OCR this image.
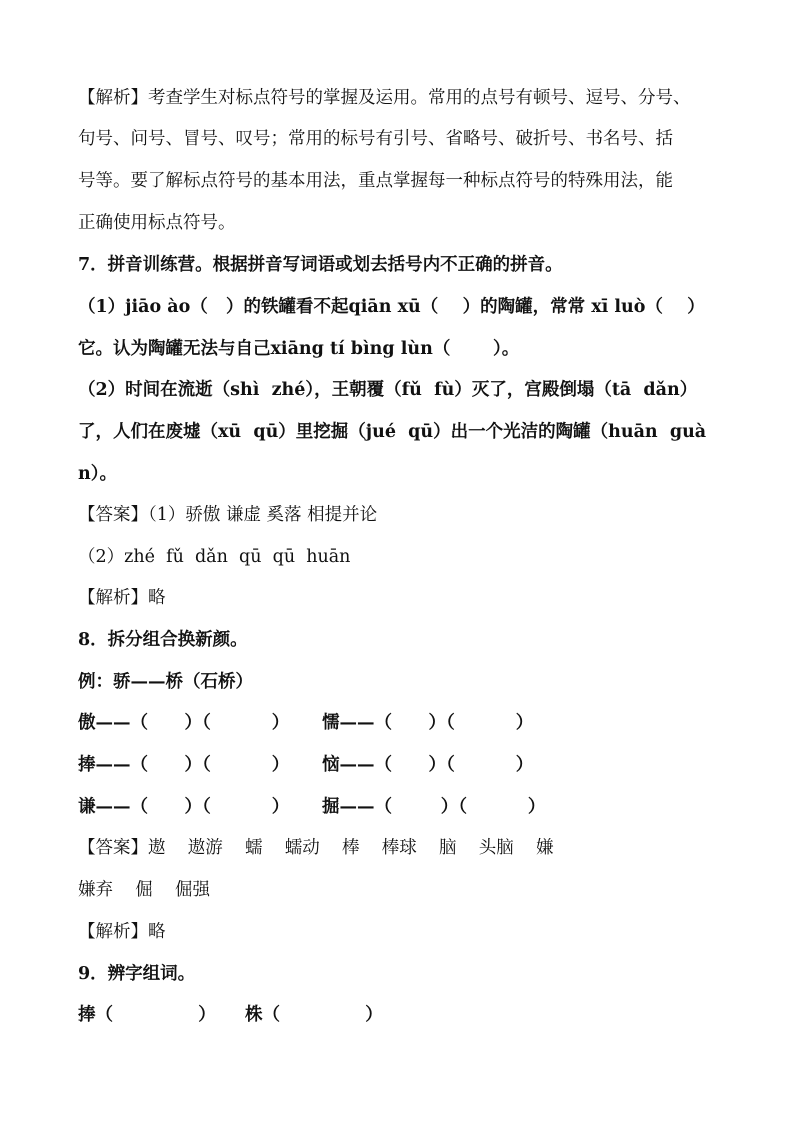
【解析】考查学生对标点符号的掌握及运用。常用的点号有顿号、逗号、分号、
句号、问号、冒号、叹号；常用的标号有引号、省略号、破折号、书名号、括
号等。要了解标点符号的基本用法，重点掌握每一种标点符号的特殊用法，能
正确使用标点符号。
7．拼音训练营。根据拼音写词语或划去括号内不正确的拼音。
（1）jiāo ào（   ）的铁罐看不起qiān xū（    ）的陶罐，常常 xī luò（    ）
它。认为陶罐无法与自己xiāng tí bìng lùn（       ）。
（2）时间在流逝（shì  zhé），王朝覆（fǔ  fù）灭了，宫殿倒塌（tā  dǎn）
了，人们在废墟（xū  qū）里挖掘（jué  qū）出一个光洁的陶罐（huān  guà
n）。
【答案】（1）骄傲 谦虚 奚落 相提并论
（2）zhé  fǔ  dǎn  qū  qū  huān
【解析】略
8．拆分组合换新颜。
例：骄——桥（石桥）
傲——（      ）（          ） 懦——（      ）（          ）
捧——（      ）（          ） 恼——（      ）（          ）
谦——（      ）（          ） 掘——（        ）（          ）
【答案】遨    遨游    蠕    蠕动    棒    棒球    脑    头脑    嫌
嫌弃    倔    倔强
【解析】略
9．辨字组词。
捧（              ） 株（              ）
